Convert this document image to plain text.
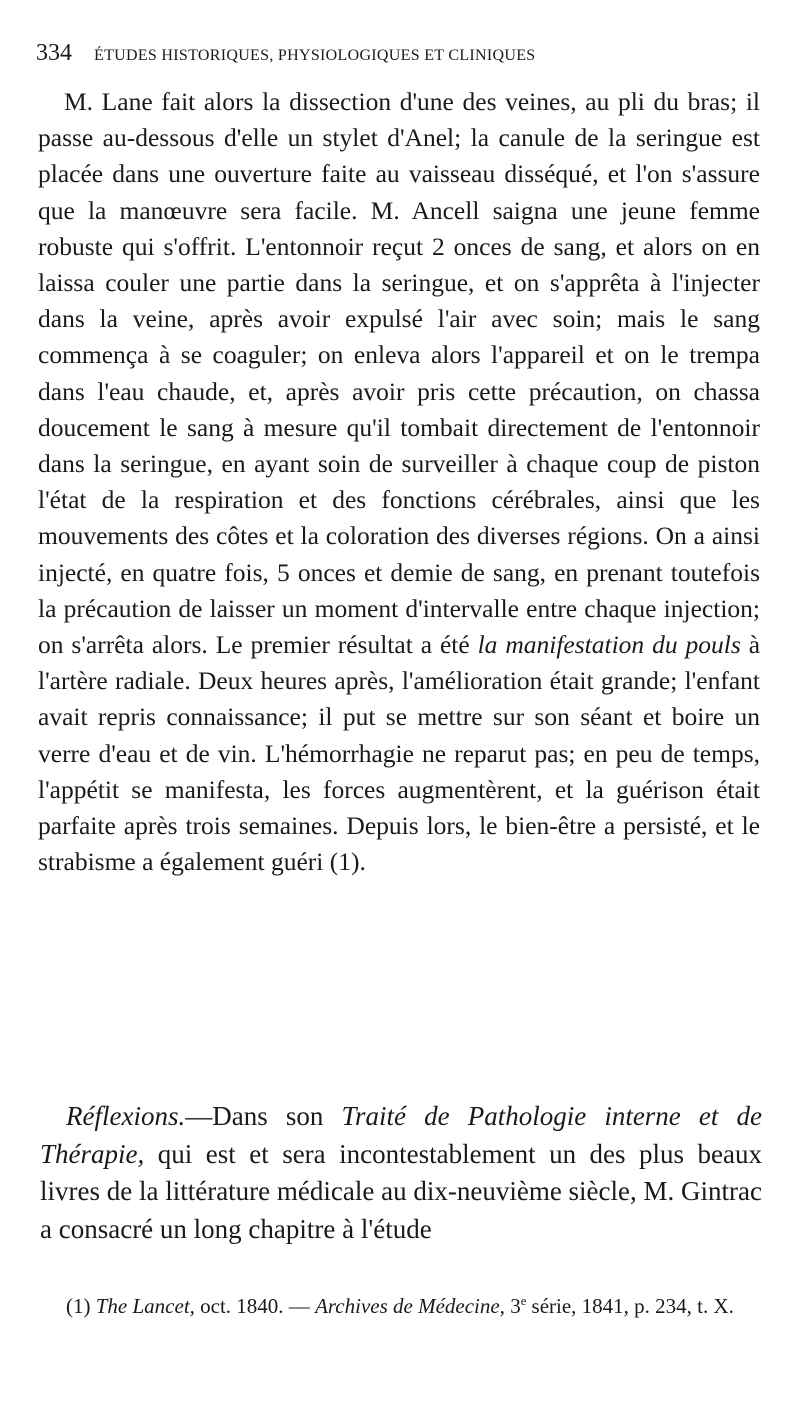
334 ÉTUDES HISTORIQUES, PHYSIOLOGIQUES ET CLINIQUES

M. Lane fait alors la dissection d'une des veines, au pli du bras; il passe au-dessous d'elle un stylet d'Anel; la canule de la seringue est placée dans une ouverture faite au vaisseau disséqué, et l'on s'assure que la manœuvre sera facile. M. Ancell saigna une jeune femme robuste qui s'offrit. L'entonnoir reçut 2 onces de sang, et alors on en laissa couler une partie dans la seringue, et on s'apprêta à l'injecter dans la veine, après avoir expulsé l'air avec soin; mais le sang commença à se coaguler; on enleva alors l'appareil et on le trempa dans l'eau chaude, et, après avoir pris cette précaution, on chassa doucement le sang à mesure qu'il tombait directement de l'entonnoir dans la seringue, en ayant soin de surveiller à chaque coup de piston l'état de la respiration et des fonctions cérébrales, ainsi que les mouvements des côtes et la coloration des diverses régions. On a ainsi injecté, en quatre fois, 5 onces et demie de sang, en prenant toutefois la précaution de laisser un moment d'intervalle entre chaque injection; on s'arrêta alors. Le premier résultat a été la manifestation du pouls à l'artère radiale. Deux heures après, l'amélioration était grande; l'enfant avait repris connaissance; il put se mettre sur son séant et boire un verre d'eau et de vin. L'hémorrhagie ne reparut pas; en peu de temps, l'appétit se manifesta, les forces augmentèrent, et la guérison était parfaite après trois semaines. Depuis lors, le bien-être a persisté, et le strabisme a également guéri (1).

Réflexions.—Dans son Traité de Pathologie interne et de Thérapie, qui est et sera incontestablement un des plus beaux livres de la littérature médicale au dix-neuvième siècle, M. Gintrac a consacré un long chapitre à l'étude

(1) The Lancet, oct. 1840. — Archives de Médecine, 3e série, 1841, p. 234, t. X.
